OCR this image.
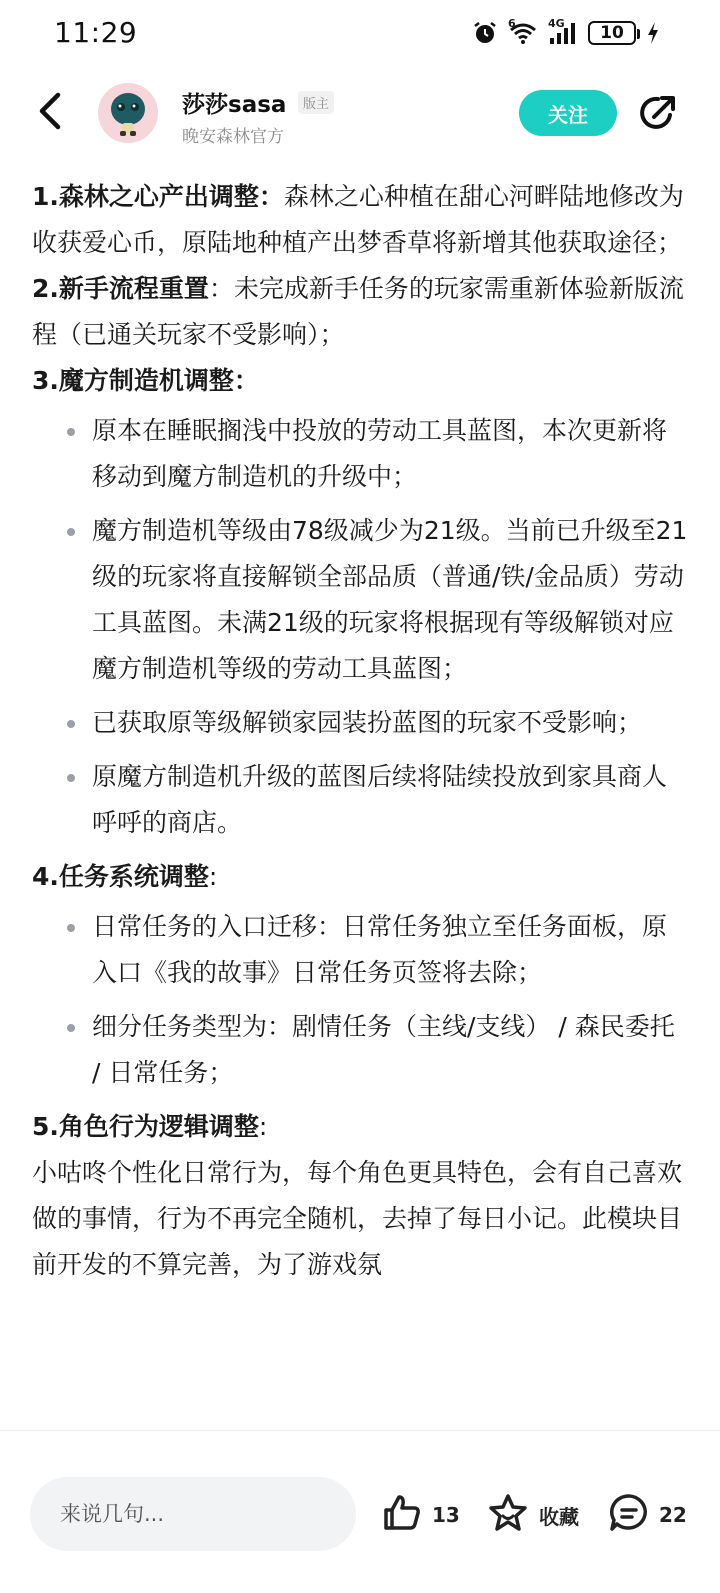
11:29	6	4G	10
莎莎sasa	版主
晚安森林官方
关注

1.森林之心产出调整：森林之心种植在甜心河畔陆地修改为收获爱心币，原陆地种植产出梦香草将新增其他获取途径；

2.新手流程重置：未完成新手任务的玩家需重新体验新版流程（已通关玩家不受影响）；

3.魔方制造机调整：

原本在睡眠搁浅中投放的劳动工具蓝图，本次更新将移动到魔方制造机的升级中；
魔方制造机等级由78级减少为21级。当前已升级至21级的玩家将直接解锁全部品质（普通/铁/金品质）劳动工具蓝图。未满21级的玩家将根据现有等级解锁对应魔方制造机等级的劳动工具蓝图；
已获取原等级解锁家园装扮蓝图的玩家不受影响；
原魔方制造机升级的蓝图后续将陆续投放到家具商人呼呼的商店。

4.任务系统调整:

日常任务的入口迁移：日常任务独立至任务面板，原入口《我的故事》日常任务页签将去除；
细分任务类型为：剧情任务（主线/支线） / 森民委托 / 日常任务；

5.角色行为逻辑调整:

小咕咚个性化日常行为，每个角色更具特色，会有自己喜欢做的事情，行为不再完全随机，去掉了每日小记。此模块目前开发的不算完善，为了游戏氛

来说几句...
13	收藏	22
